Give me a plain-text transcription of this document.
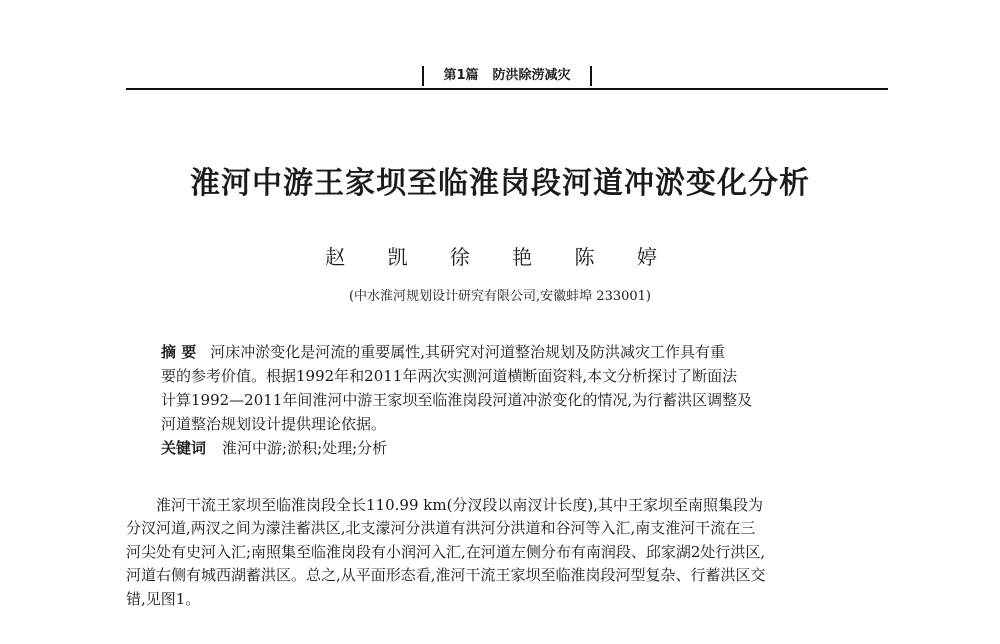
第1篇 防洪除涝减灾
淮河中游王家坝至临淮岗段河道冲淤变化分析
赵 凯 徐 艳 陈 婷
(中水淮河规划设计研究有限公司,安徽蚌埠 233001)
摘 要 河床冲淤变化是河流的重要属性,其研究对河道整治规划及防洪减灾工作具有重
要的参考价值。根据1992年和2011年两次实测河道横断面资料,本文分析探讨了断面法
计算1992—2011年间淮河中游王家坝至临淮岗段河道冲淤变化的情况,为行蓄洪区调整及
河道整治规划设计提供理论依据。
关键词 淮河中游;淤积;处理;分析
淮河干流王家坝至临淮岗段全长110.99 km(分汊段以南汊计长度),其中王家坝至南照集段为
分汊河道,两汊之间为濛洼蓄洪区,北支濛河分洪道有洪河分洪道和谷河等入汇,南支淮河干流在三
河尖处有史河入汇;南照集至临淮岗段有小润河入汇,在河道左侧分布有南润段、邱家湖2处行洪区,
河道右侧有城西湖蓄洪区。总之,从平面形态看,淮河干流王家坝至临淮岗段河型复杂、行蓄洪区交
错,见图1。
